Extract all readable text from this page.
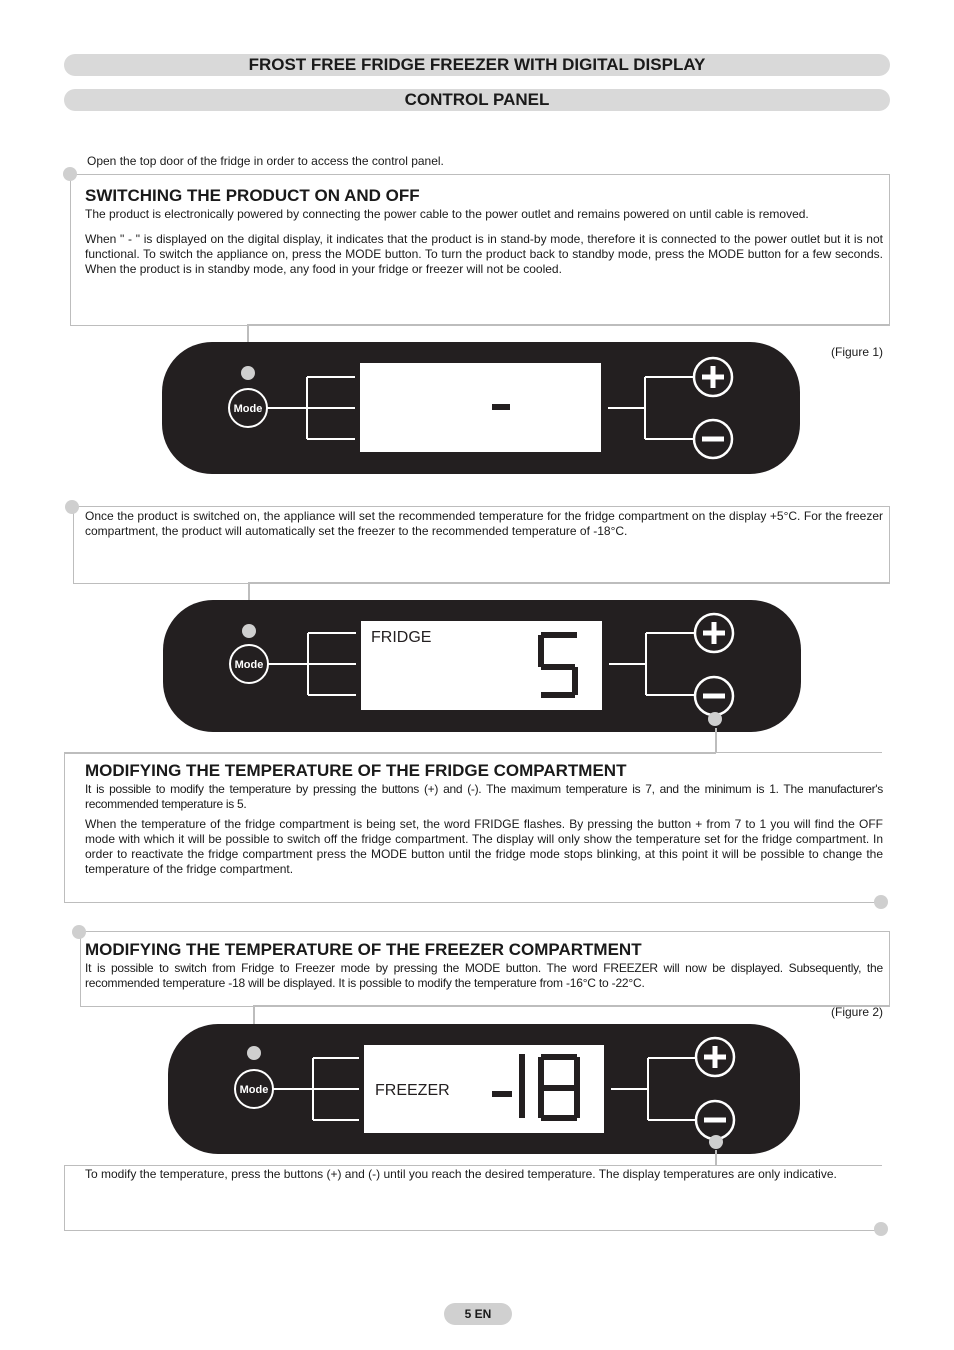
FROST FREE FRIDGE FREEZER WITH DIGITAL DISPLAY
CONTROL PANEL

Open the top door of the fridge in order to access the control panel.

SWITCHING THE PRODUCT ON AND OFF

The product is electronically powered by connecting the power cable to the power outlet and remains powered on until cable is removed.

When " - " is displayed on the digital display, it indicates that the product is in stand-by mode, therefore it is connected to the power outlet but it is not functional. To switch the appliance on, press the MODE button. To turn the product back to standby mode, press the MODE button for a few seconds. When the product is in standby mode, any food in your fridge or freezer will not be cooled.

(Figure 1)
Mode

Once the product is switched on, the appliance will set the recommended temperature for the fridge compartment on the display +5°C. For the freezer compartment, the product will automatically set the freezer to the recommended temperature of -18°C.

FRIDGE
Mode
MODIFYING THE TEMPERATURE OF THE FRIDGE COMPARTMENT

It is possible to modify the temperature by pressing the buttons (+) and (-). The maximum temperature is 7, and the minimum is 1. The manufacturer's recommended temperature is 5.

When the temperature of the fridge compartment is being set, the word FRIDGE flashes. By pressing the button + from 7 to 1 you will find the OFF mode with which it will be possible to switch off the fridge compartment. The display will only show the temperature set for the fridge compartment. In order to reactivate the fridge compartment press the MODE button until the fridge mode stops blinking, at this point it will be possible to change the temperature of the fridge compartment.

MODIFYING THE TEMPERATURE OF THE FREEZER COMPARTMENT

It is possible to switch from Fridge to Freezer mode by pressing the MODE button. The word FREEZER will now be displayed. Subsequently, the recommended temperature -18 will be displayed. It is possible to modify the temperature from -16°C to -22°C.

(Figure 2)
FREEZER
Mode

To modify the temperature, press the buttons (+) and (-) until you reach the desired temperature. The display temperatures are only indicative.

5 EN
